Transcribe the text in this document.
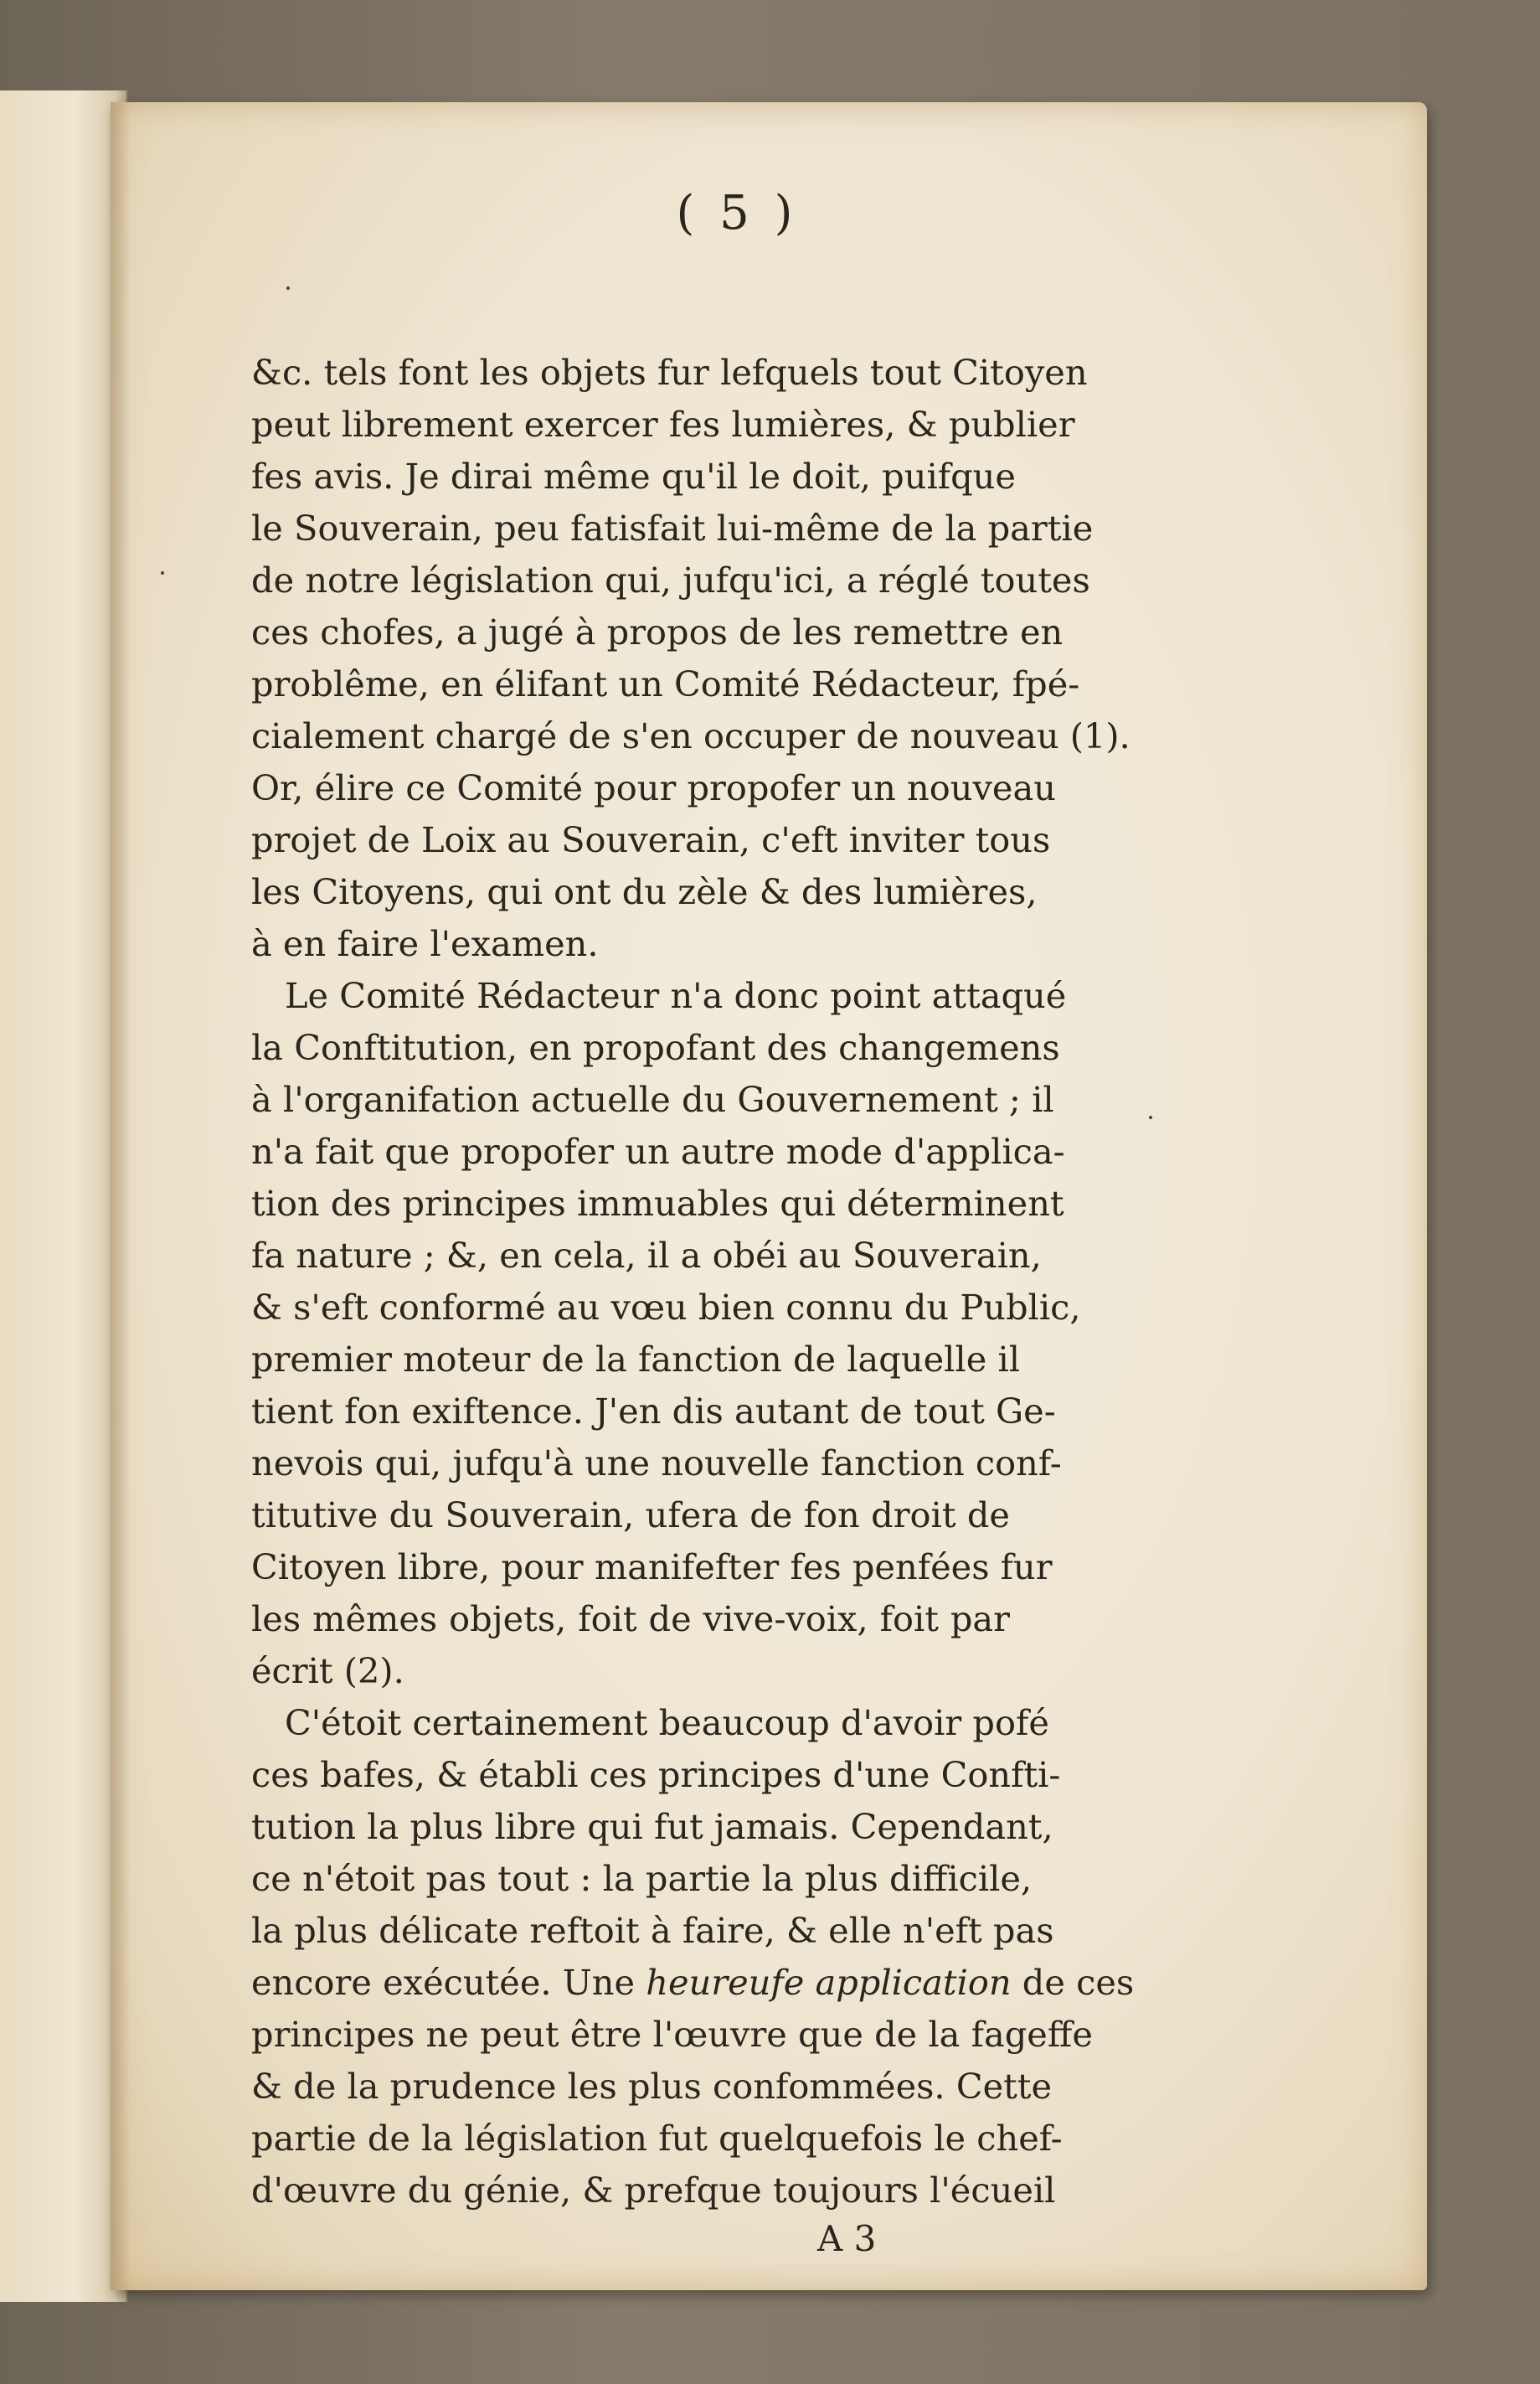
( 5 )
&c. tels font les objets fur lefquels tout Citoyen
peut librement exercer fes lumières, & publier
fes avis. Je dirai même qu'il le doit, puifque
le Souverain, peu fatisfait lui-même de la partie
de notre législation qui, jufqu'ici, a réglé toutes
ces chofes, a jugé à propos de les remettre en
problême, en élifant un Comité Rédacteur, fpé-
cialement chargé de s'en occuper de nouveau (1).
Or, élire ce Comité pour propofer un nouveau
projet de Loix au Souverain, c'eft inviter tous
les Citoyens, qui ont du zèle & des lumières,
à en faire l'examen.
Le Comité Rédacteur n'a donc point attaqué
la Conftitution, en propofant des changemens
à l'organifation actuelle du Gouvernement ; il
n'a fait que propofer un autre mode d'applica-
tion des principes immuables qui déterminent
fa nature ; &, en cela, il a obéi au Souverain,
& s'eft conformé au vœu bien connu du Public,
premier moteur de la fanction de laquelle il
tient fon exiftence. J'en dis autant de tout Ge-
nevois qui, jufqu'à une nouvelle fanction conf-
titutive du Souverain, ufera de fon droit de
Citoyen libre, pour manifefter fes penfées fur
les mêmes objets, foit de vive-voix, foit par
écrit (2).
C'étoit certainement beaucoup d'avoir pofé
ces bafes, & établi ces principes d'une Confti-
tution la plus libre qui fut jamais. Cependant,
ce n'étoit pas tout : la partie la plus difficile,
la plus délicate reftoit à faire, & elle n'eft pas
encore exécutée. Une heureufe application de ces
principes ne peut être l'œuvre que de la fageffe
& de la prudence les plus confommées. Cette
partie de la législation fut quelquefois le chef-
d'œuvre du génie, & prefque toujours l'écueil
A 3
